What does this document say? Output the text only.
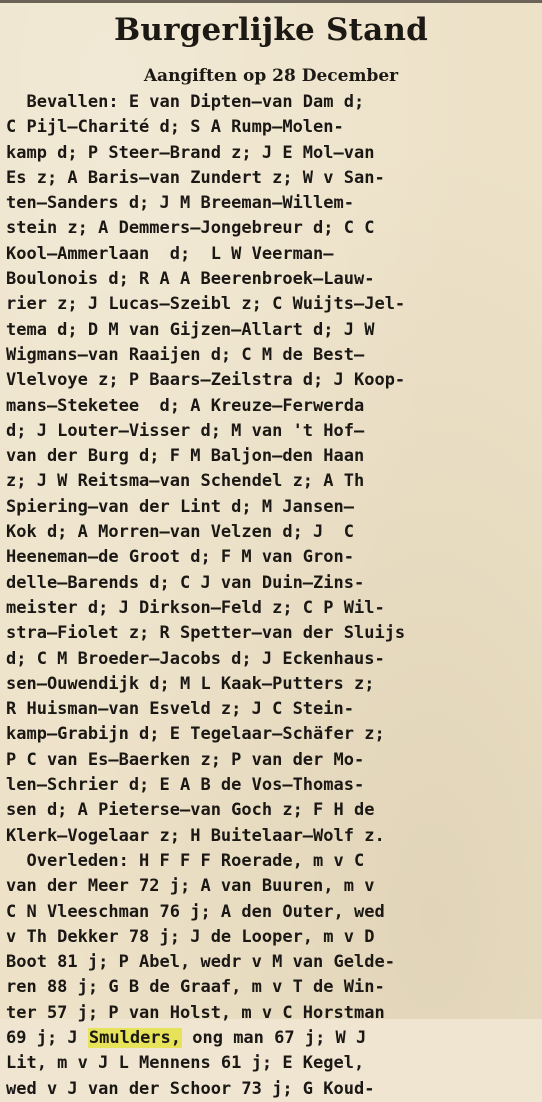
Burgerlijke Stand
Aangiften op 28 December
Bevallen: E van Dipten—van Dam d;
C Pijl—Charité d; S A Rump—Molen-
kamp d; P Steer—Brand z; J E Mol—van
Es z; A Baris—van Zundert z; W v San-
ten—Sanders d; J M Breeman—Willem-
stein z; A Demmers—Jongebreur d; C C
Kool—Ammerlaan  d;  L W Veerman—
Boulonois d; R A A Beerenbroek—Lauw-
rier z; J Lucas—Szeibl z; C Wuijts—Jel-
tema d; D M van Gijzen—Allart d; J W
Wigmans—van Raaijen d; C M de Best—
Vlelvoye z; P Baars—Zeilstra d; J Koop-
mans—Steketee  d; A Kreuze—Ferwerda
d; J Louter—Visser d; M van 't Hof—
van der Burg d; F M Baljon—den Haan
z; J W Reitsma—van Schendel z; A Th
Spiering—van der Lint d; M Jansen—
Kok d; A Morren—van Velzen d; J  C
Heeneman—de Groot d; F M van Gron-
delle—Barends d; C J van Duin—Zins-
meister d; J Dirkson—Feld z; C P Wil-
stra—Fiolet z; R Spetter—van der Sluijs
d; C M Broeder—Jacobs d; J Eckenhaus-
sen—Ouwendijk d; M L Kaak—Putters z;
R Huisman—van Esveld z; J C Stein-
kamp—Grabijn d; E Tegelaar—Schäfer z;
P C van Es—Baerken z; P van der Mo-
len—Schrier d; E A B de Vos—Thomas-
sen d; A Pieterse—van Goch z; F H de
Klerk—Vogelaar z; H Buitelaar—Wolf z.
Overleden: H F F F Roerade, m v C
van der Meer 72 j; A van Buuren, m v
C N Vleeschman 76 j; A den Outer, wed
v Th Dekker 78 j; J de Looper, m v D
Boot 81 j; P Abel, wedr v M van Gelde-
ren 88 j; G B de Graaf, m v T de Win-
ter 57 j; P van Holst, m v C Horstman
69 j; J Smulders, ong man 67 j; W J
Lit, m v J L Mennens 61 j; E Kegel,
wed v J van der Schoor 73 j; G Koud-
